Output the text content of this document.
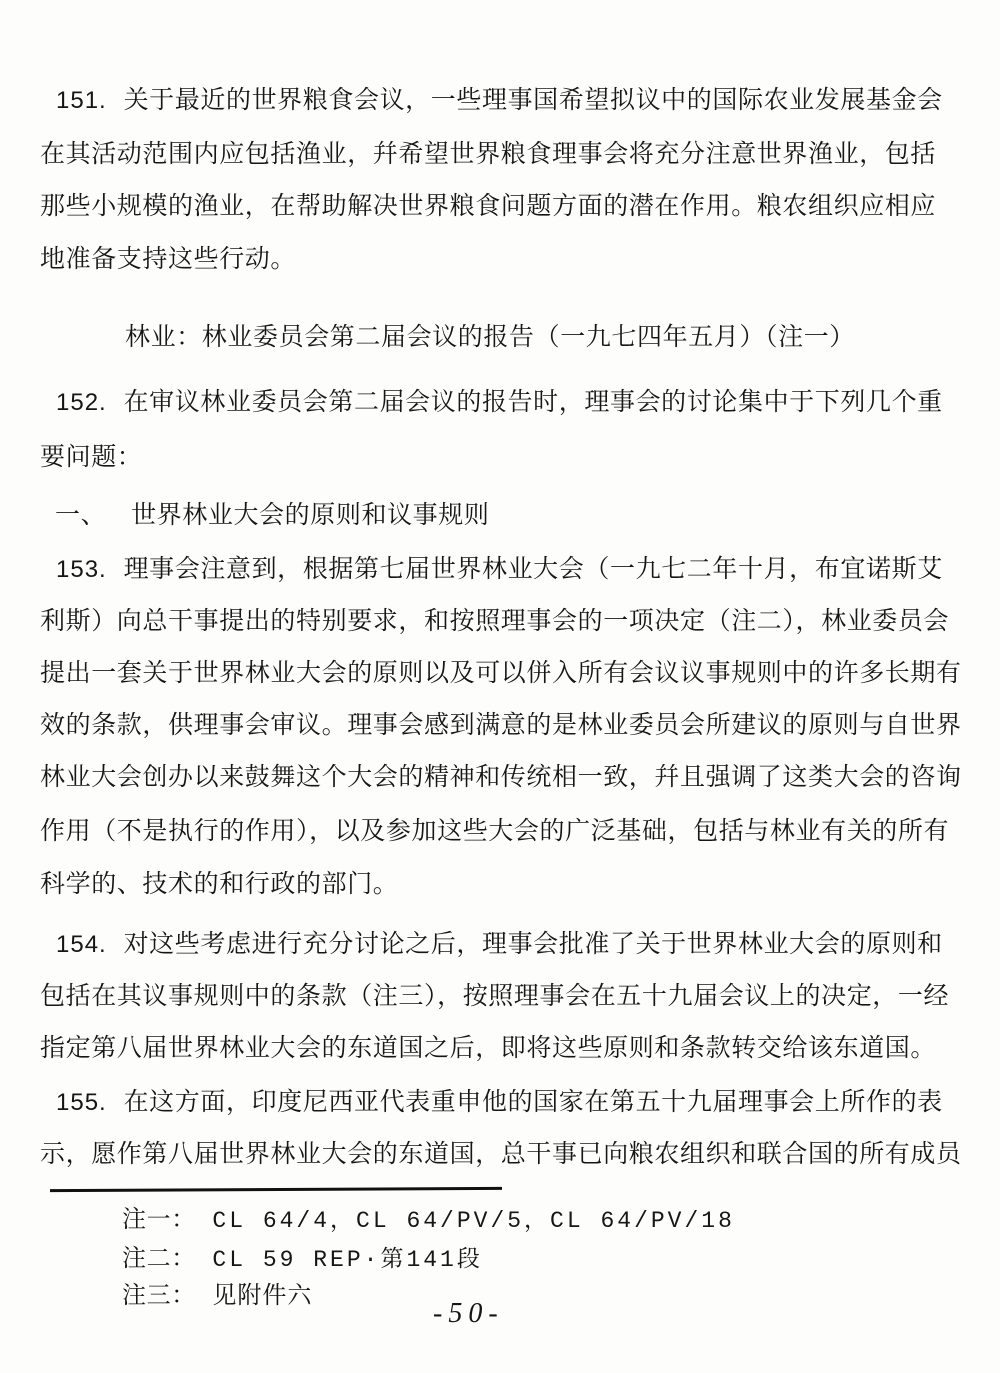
151. 关于最近的世界粮食会议，一些理事国希望拟议中的国际农业发展基金会
在其活动范围内应包括渔业，幷希望世界粮食理事会将充分注意世界渔业，包括
那些小规模的渔业，在帮助解决世界粮食问题方面的潜在作用。粮农组织应相应
地准备支持这些行动。
林业：林业委员会第二届会议的报告（一九七四年五月）（注一）
152. 在审议林业委员会第二届会议的报告时，理事会的讨论集中于下列几个重
要问题：
一、 世界林业大会的原则和议事规则
153. 理事会注意到，根据第七届世界林业大会（一九七二年十月，布宜诺斯艾
利斯）向总干事提出的特别要求，和按照理事会的一项决定（注二），林业委员会
提出一套关于世界林业大会的原则以及可以併入所有会议议事规则中的许多长期有
效的条款，供理事会审议。理事会感到满意的是林业委员会所建议的原则与自世界
林业大会创办以来鼓舞这个大会的精神和传统相一致，幷且强调了这类大会的咨询
作用（不是执行的作用），以及参加这些大会的广泛基础，包括与林业有关的所有
科学的、技术的和行政的部门。
154. 对这些考虑进行充分讨论之后，理事会批准了关于世界林业大会的原则和
包括在其议事规则中的条款（注三），按照理事会在五十九届会议上的决定，一经
指定第八届世界林业大会的东道国之后，即将这些原则和条款转交给该东道国。
155. 在这方面，印度尼西亚代表重申他的国家在第五十九届理事会上所作的表
示，愿作第八届世界林业大会的东道国，总干事已向粮农组织和联合国的所有成员
注一： CL 64/4，CL 64/PV/5，CL 64/PV/18
注二： CL 59 REP·第141段
注三： 见附件六
-50-
